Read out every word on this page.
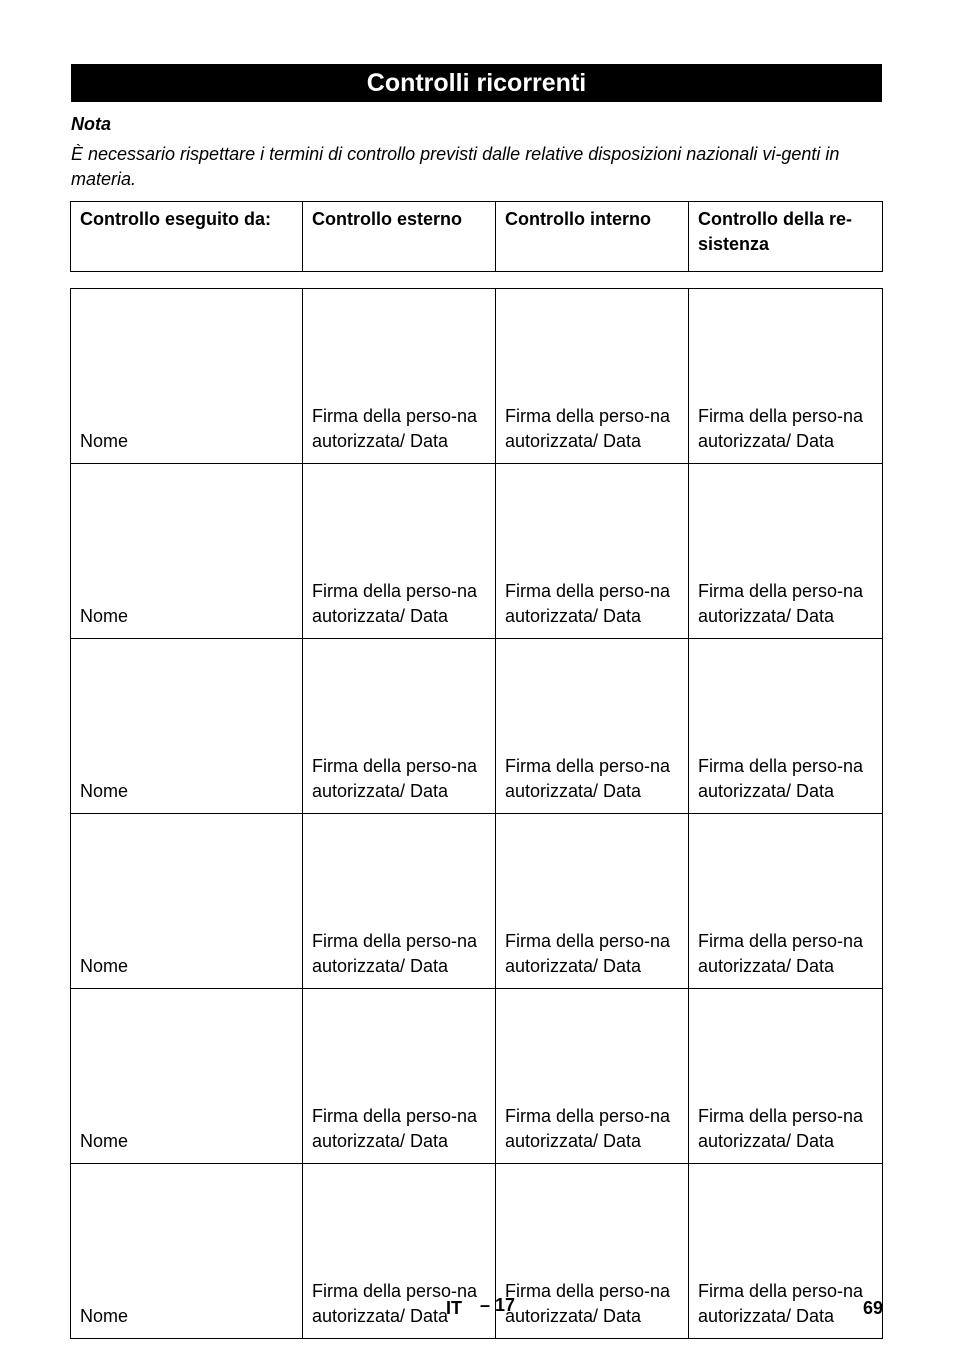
Controlli ricorrenti
Nota
È necessario rispettare i termini di controllo previsti dalle relative disposizioni nazionali vi-genti in materia.
Controllo eseguito da:	Controllo esterno	Controllo interno	Controllo della re-sistenza
Nome	Firma della perso-na autorizzata/ Data	Firma della perso-na autorizzata/ Data	Firma della perso-na autorizzata/ Data
Nome	Firma della perso-na autorizzata/ Data	Firma della perso-na autorizzata/ Data	Firma della perso-na autorizzata/ Data
Nome	Firma della perso-na autorizzata/ Data	Firma della perso-na autorizzata/ Data	Firma della perso-na autorizzata/ Data
Nome	Firma della perso-na autorizzata/ Data	Firma della perso-na autorizzata/ Data	Firma della perso-na autorizzata/ Data
Nome	Firma della perso-na autorizzata/ Data	Firma della perso-na autorizzata/ Data	Firma della perso-na autorizzata/ Data
Nome	Firma della perso-na autorizzata/ Data	Firma della perso-na autorizzata/ Data	Firma della perso-na autorizzata/ Data
IT – 17	69
